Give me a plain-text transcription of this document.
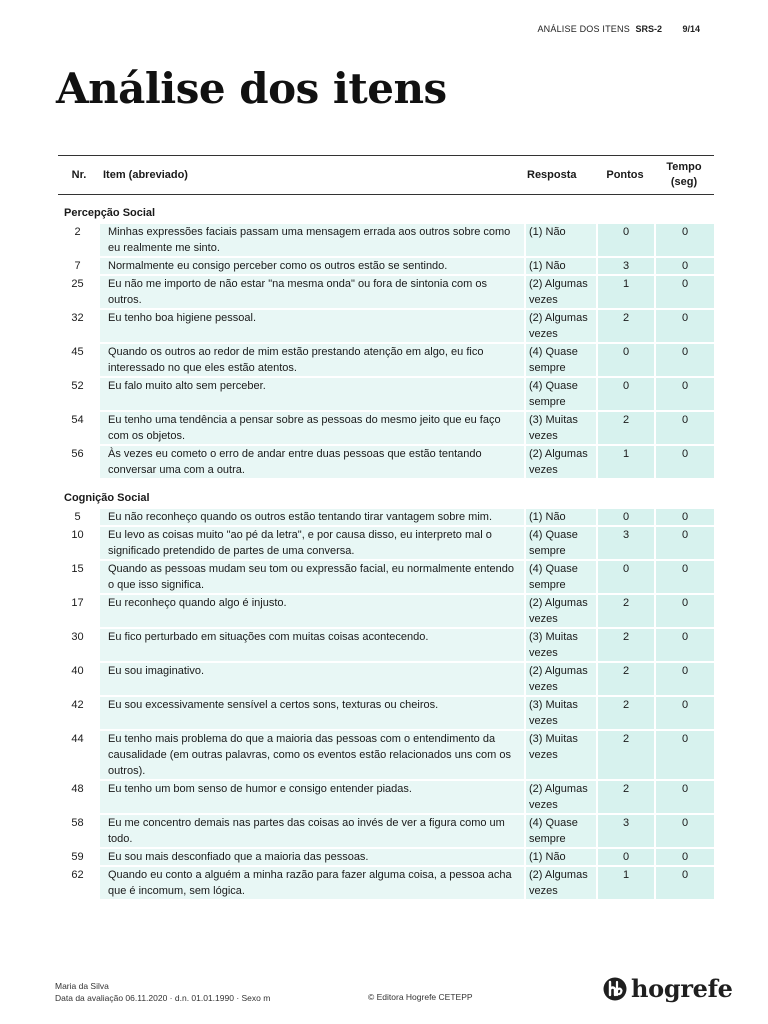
ANÁLISE DOS ITENS SRS-2 9/14
Análise dos itens
Nr.	Item (abreviado)	Resposta	Pontos	Tempo
(seg)
Percepção Social				
2	Minhas expressões faciais passam uma mensagem errada aos outros sobre como eu realmente me sinto.	(1) Não	0	0
7	Normalmente eu consigo perceber como os outros estão se sentindo.	(1) Não	3	0
25	Eu não me importo de não estar "na mesma onda" ou fora de sintonia com os outros.	(2) Algumas vezes	1	0
32	Eu tenho boa higiene pessoal.	(2) Algumas vezes	2	0
45	Quando os outros ao redor de mim estão prestando atenção em algo, eu fico interessado no que eles estão atentos.	(4) Quase sempre	0	0
52	Eu falo muito alto sem perceber.	(4) Quase sempre	0	0
54	Eu tenho uma tendência a pensar sobre as pessoas do mesmo jeito que eu faço com os objetos.	(3) Muitas vezes	2	0
56	Às vezes eu cometo o erro de andar entre duas pessoas que estão tentando conversar uma com a outra.	(2) Algumas vezes	1	0
Cognição Social				
5	Eu não reconheço quando os outros estão tentando tirar vantagem sobre mim.	(1) Não	0	0
10	Eu levo as coisas muito "ao pé da letra", e por causa disso, eu interpreto mal o significado pretendido de partes de uma conversa.	(4) Quase sempre	3	0
15	Quando as pessoas mudam seu tom ou expressão facial, eu normalmente entendo o que isso significa.	(4) Quase sempre	0	0
17	Eu reconheço quando algo é injusto.	(2) Algumas vezes	2	0
30	Eu fico perturbado em situações com muitas coisas acontecendo.	(3) Muitas vezes	2	0
40	Eu sou imaginativo.	(2) Algumas vezes	2	0
42	Eu sou excessivamente sensível a certos sons, texturas ou cheiros.	(3) Muitas vezes	2	0
44	Eu tenho mais problema do que a maioria das pessoas com o entendimento da causalidade (em outras palavras, como os eventos estão relacionados uns com os outros).	(3) Muitas vezes	2	0
48	Eu tenho um bom senso de humor e consigo entender piadas.	(2) Algumas vezes	2	0
58	Eu me concentro demais nas partes das coisas ao invés de ver a figura como um todo.	(4) Quase sempre	3	0
59	Eu sou mais desconfiado que a maioria das pessoas.	(1) Não	0	0
62	Quando eu conto a alguém a minha razão para fazer alguma coisa, a pessoa acha que é incomum, sem lógica.	(2) Algumas vezes	1	0
Maria da Silva
Data da avaliação 06.11.2020 · d.n. 01.01.1990 · Sexo m	© Editora Hogrefe CETEPP	hogrefe
